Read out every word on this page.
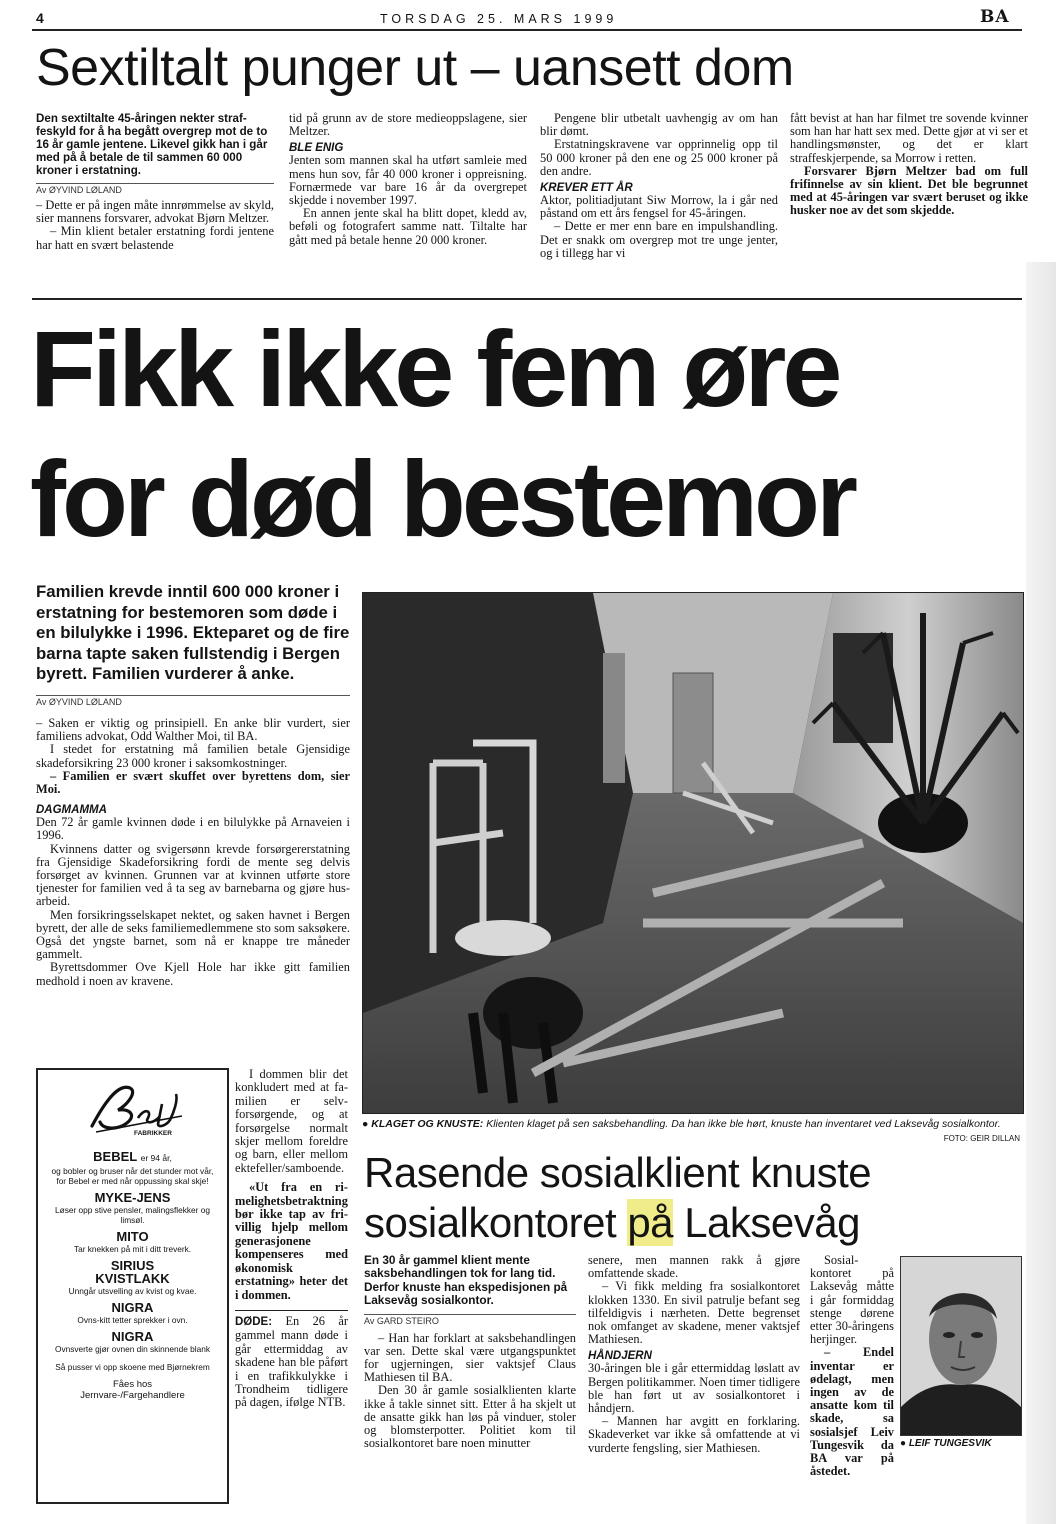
4	TORSDAG 25. MARS 1999	BA
Sextiltalt punger ut – uansett dom

Den sextiltalte 45-åringen nekter straffeskyld for å ha begått overgrep mot de to 16 år gamle jentene. Likevel gikk han i går med på å betale de til sammen 60 000 kroner i erstatning.

Av ØYVIND LØLAND

– Dette er på ingen måte innrømmelse av skyld, sier mannens forsvarer, advokat Bjørn Meltzer.

– Min klient betaler erstatning fordi jentene har hatt en svært belastende

tid på grunn av de store medieoppslagene, sier Meltzer.

BLE ENIG

Jenten som mannen skal ha utført samleie med mens hun sov, får 40 000 kroner i oppreisning. Fornærmede var bare 16 år da overgrepet skjedde i november 1997.

En annen jente skal ha blitt dopet, kledd av, beføli og fotografert samme natt. Tiltalte har gått med på betale henne 20 000 kroner.

Pengene blir utbetalt uavhengig av om han blir dømt.

Erstatningskravene var opprinnelig opp til 50 000 kroner på den ene og 25 000 kroner på den andre.

KREVER ETT ÅR

Aktor, politiadjutant Siw Morrow, la i går ned påstand om ett års fengsel for 45-åringen.

– Dette er mer enn bare en impulshandling. Det er snakk om overgrep mot tre unge jenter, og i tillegg har vi

fått bevist at han har filmet tre sovende kvinner som han har hatt sex med. Dette gjør at vi ser et handlingsmønster, og det er klart straffeskjerpende, sa Morrow i retten.

Forsvarer Bjørn Meltzer bad om full frifinnelse av sin klient. Det ble begrunnet med at 45-åringen var svært beruset og ikke husker noe av det som skjedde.

Fikk ikke fem øre
for død bestemor

Familien krevde inntil 600 000 kroner i erstatning for bestemoren som døde i en bilulykke i 1996. Ekteparet og de fire barna tapte saken fullstendig i Bergen byrett. Familien vurderer å anke.

Av ØYVIND LØLAND

– Saken er viktig og prinsipiell. En anke blir vurdert, sier familiens advokat, Odd Walther Moi, til BA.

I stedet for erstatning må familien betale Gjensidige skadeforsikring 23 000 kroner i saksomkostninger.

– Familien er svært skuffet over byrettens dom, sier Moi.

DAGMAMMA

Den 72 år gamle kvinnen døde i en bilulykke på Arnaveien i 1996.

Kvinnens datter og svigersønn krevde forsørgererstatning fra Gjensidige Skadeforsikring fordi de mente seg delvis forsørget av kvinnen. Grunnen var at kvinnen utførte store tjenester for familien ved å ta seg av barnebarna og gjøre husarbeid.

Men forsikringsselskapet nektet, og saken havnet i Bergen byrett, der alle de seks familiemedlemmene sto som saksøkere. Også det yngste barnet, som nå er knappe tre måneder gammelt.

Byrettsdommer Ove Kjell Hole har ikke gitt familien medhold i noen av kravene.

FABRIKKER
BEBEL er 94 år,

og bobler og bruser når det stunder mot vår, for Bebel er med når oppussing skal skje!

MYKE-JENS

Løser opp stive pensler, malingsflekker og limsøl.

MITO

Tar knekken på mit i ditt treverk.

SIRIUS KVISTLAKK

Unngår utsvelling av kvist og kvae.

NIGRA

Ovns-kitt tetter sprekker i ovn.

NIGRA

Ovnsverte gjør ovnen din skinnende blank

Så pusser vi opp skoene med Bjørnekrem

Fåes hos

Jernvare-/Fargehandlere

I dommen blir det konkludert med at familien er selvforsørgende, og at forsørgelse normalt skjer mellom foreldre og barn, eller mellom ektefeller/samboende.

«Ut fra en rimelighetsbetraktning bør ikke tap av frivillig hjelp mellom generasjonene kompenseres med økonomisk erstatning» heter det i dommen.

DØDE: En 26 år gammel mann døde i går ettermiddag av skadene han ble påført i en trafikkulykke i Trondheim tidligere på dagen, ifølge NTB.

● KLAGET OG KNUSTE: Klienten klaget på sen saksbehandling. Da han ikke ble hørt, knuste han inventaret ved Laksevåg sosialkontor.
FOTO: GEIR DILLAN
Rasende sosialklient knuste
sosialkontoret på Laksevåg

En 30 år gammel klient mente saksbehandlingen tok for lang tid. Derfor knuste han ekspedisjonen på Laksevåg sosialkontor.

Av GARD STEIRO

– Han har forklart at saksbehandlingen var sen. Dette skal være utgangspunktet for ugjerningen, sier vaktsjef Claus Mathiesen til BA.

Den 30 år gamle sosialklienten klarte ikke å takle sinnet sitt. Etter å ha skjelt ut de ansatte gikk han løs på vinduer, stoler og blomsterpotter. Politiet kom til sosialkontoret bare noen minutter

senere, men mannen rakk å gjøre omfattende skade.

– Vi fikk melding fra sosialkontoret klokken 1330. En sivil patrulje befant seg tilfeldigvis i nærheten. Dette begrenset nok omfanget av skadene, mener vaktsjef Mathiesen.

HÅNDJERN

30-åringen ble i går ettermiddag løslatt av Bergen politikammer. Noen timer tidligere ble han ført ut av sosialkontoret i håndjern.

– Mannen har avgitt en forklaring. Skadeverket var ikke så omfattende at vi vurderte fengsling, sier Mathiesen.

Sosialkontoret på Laksevåg måtte i går formiddag stenge dørene etter 30-åringens herjinger.

– Endel inventar er ødelagt, men ingen av de ansatte kom til skade, sa sosialsjef Leiv Tungesvik da BA var på åstedet.

● LEIF TUNGESVIK
